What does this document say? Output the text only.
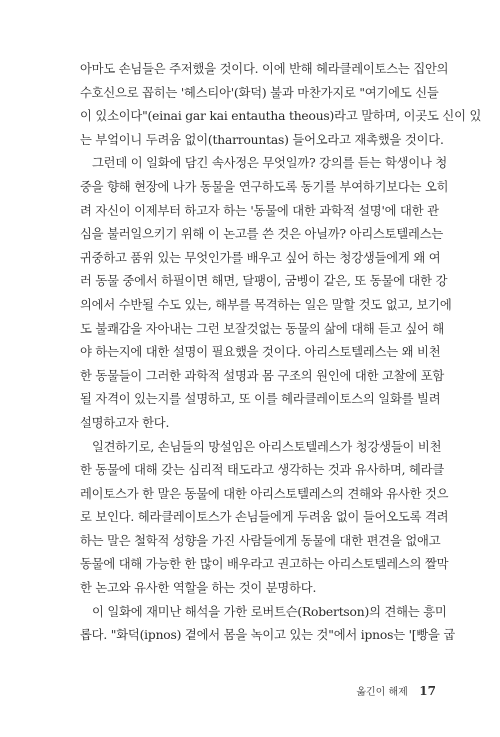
아마도 손님들은 주저했을 것이다. 이에 반해 헤라클레이토스는 집안의
수호신으로 꼽히는 '헤스티아'(화덕) 불과 마찬가지로 "여기에도 신들
이 있소이다"(einai gar kai entautha theous)라고 말하며, 이곳도 신이 있
는 부엌이니 두려움 없이(tharrountas) 들어오라고 재촉했을 것이다.
그런데 이 일화에 담긴 속사정은 무엇일까? 강의를 듣는 학생이나 청
중을 향해 현장에 나가 동물을 연구하도록 동기를 부여하기보다는 오히
려 자신이 이제부터 하고자 하는 '동물에 대한 과학적 설명'에 대한 관
심을 불러일으키기 위해 이 논고를 쓴 것은 아닐까? 아리스토텔레스는
귀중하고 품위 있는 무엇인가를 배우고 싶어 하는 청강생들에게 왜 여
러 동물 중에서 하필이면 해면, 달팽이, 굼벵이 같은, 또 동물에 대한 강
의에서 수반될 수도 있는, 해부를 목격하는 일은 말할 것도 없고, 보기에
도 불쾌감을 자아내는 그런 보잘것없는 동물의 삶에 대해 듣고 싶어 해
야 하는지에 대한 설명이 필요했을 것이다. 아리스토텔레스는 왜 비천
한 동물들이 그러한 과학적 설명과 몸 구조의 원인에 대한 고찰에 포함
될 자격이 있는지를 설명하고, 또 이를 헤라클레이토스의 일화를 빌려
설명하고자 한다.
일견하기로, 손님들의 망설임은 아리스토텔레스가 청강생들이 비천
한 동물에 대해 갖는 심리적 태도라고 생각하는 것과 유사하며, 헤라클
레이토스가 한 말은 동물에 대한 아리스토텔레스의 견해와 유사한 것으
로 보인다. 헤라클레이토스가 손님들에게 두려움 없이 들어오도록 격려
하는 말은 철학적 성향을 가진 사람들에게 동물에 대한 편견을 없애고
동물에 대해 가능한 한 많이 배우라고 권고하는 아리스토텔레스의 짤막
한 논고와 유사한 역할을 하는 것이 분명하다.
이 일화에 재미난 해석을 가한 로버트슨(Robertson)의 견해는 흥미
롭다. "화덕(ipnos) 곁에서 몸을 녹이고 있는 것"에서 ipnos는 '[빵을 굽
옮긴이 해제 17
